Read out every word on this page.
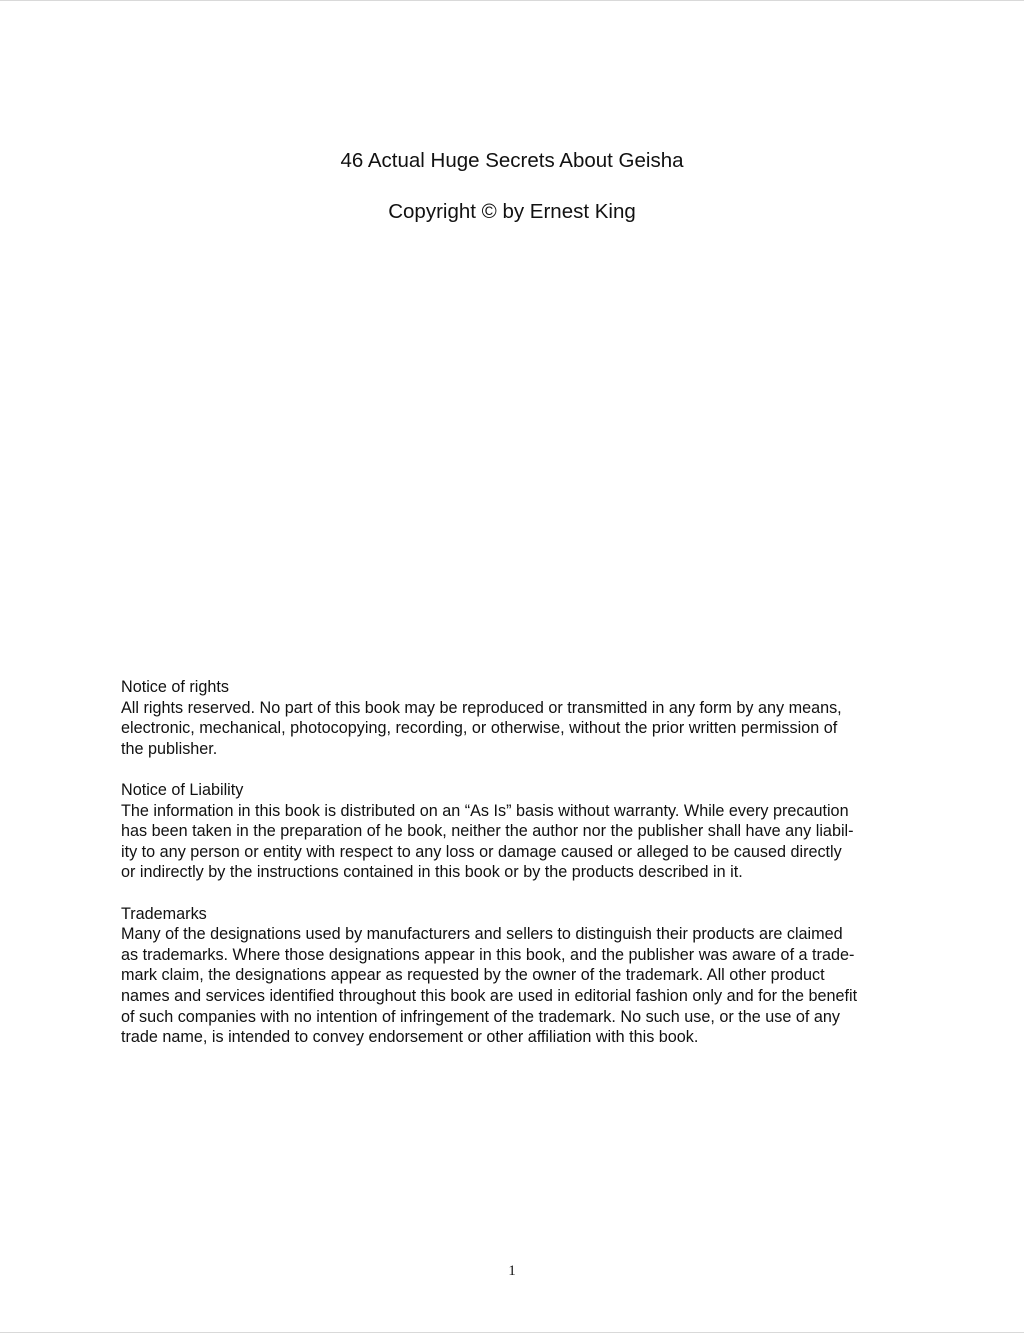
46 Actual Huge Secrets About Geisha
Copyright © by Ernest King
Notice of rights
All rights reserved. No part of this book may be reproduced or transmitted in any form by any means,
electronic, mechanical, photocopying, recording, or otherwise, without the prior written permission of
the publisher.
Notice of Liability
The information in this book is distributed on an “As Is” basis without warranty. While every precaution
has been taken in the preparation of he book, neither the author nor the publisher shall have any liabil-
ity to any person or entity with respect to any loss or damage caused or alleged to be caused directly
or indirectly by the instructions contained in this book or by the products described in it.
Trademarks
Many of the designations used by manufacturers and sellers to distinguish their products are claimed
as trademarks. Where those designations appear in this book, and the publisher was aware of a trade-
mark claim, the designations appear as requested by the owner of the trademark. All other product
names and services identified throughout this book are used in editorial fashion only and for the benefit
of such companies with no intention of infringement of the trademark. No such use, or the use of any
trade name, is intended to convey endorsement or other affiliation with this book.
1
